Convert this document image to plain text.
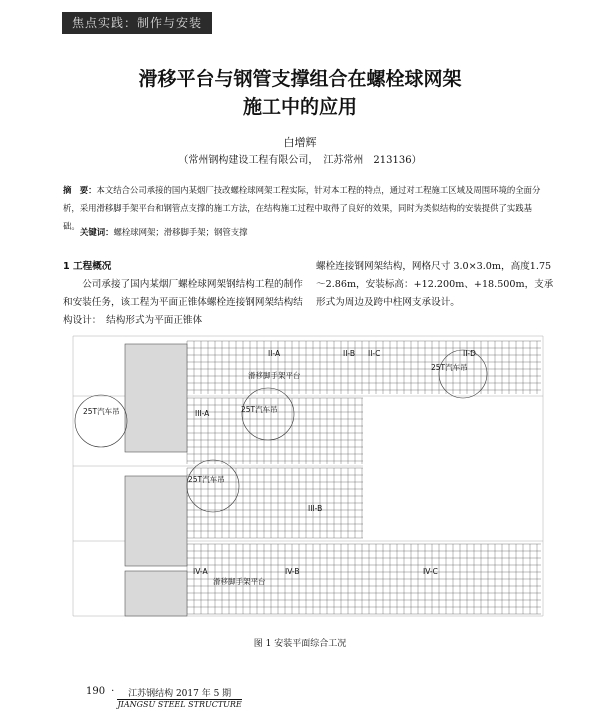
焦点实践：制作与安装
滑移平台与钢管支撑组合在螺栓球网架
施工中的应用
白增辉
（常州钢构建设工程有限公司，　江苏常州　213136）
摘　要：本文结合公司承接的国内某烟厂技改螺栓球网架工程实际，针对本工程的特点，通过对工程施工区域及周围环境的全面分析，采用滑移脚手架平台和钢管点支撑的施工方法，在结构施工过程中取得了良好的效果，同时为类似结构的安装提供了实践基础。
关键词：螺栓球网架；滑移脚手架；钢管支撑
1 工程概况
公司承接了国内某烟厂螺栓球网架钢结构工程的制作和安装任务，该工程为平面正锥体螺栓连接钢网架结构结构设计：　结构形式为平面正锥体
螺栓连接钢网架结构，网格尺寸 3.0×3.0m，高度1.75～2.86m，安装标高：+12.200m、+18.500m，支承形式为周边及跨中柱网支承设计。
II-A	II-B II-C	II-D
III-A
III-B
IV-A	IV-B	IV-C
25T汽车吊	25T汽车吊
25T汽车吊
25T汽车吊
滑移脚手架平台
滑移脚手架平台
图 1 安装平面综合工况
190 ·	江苏钢结构 2017 年 5 期
JIANGSU STEEL STRUCTURE
